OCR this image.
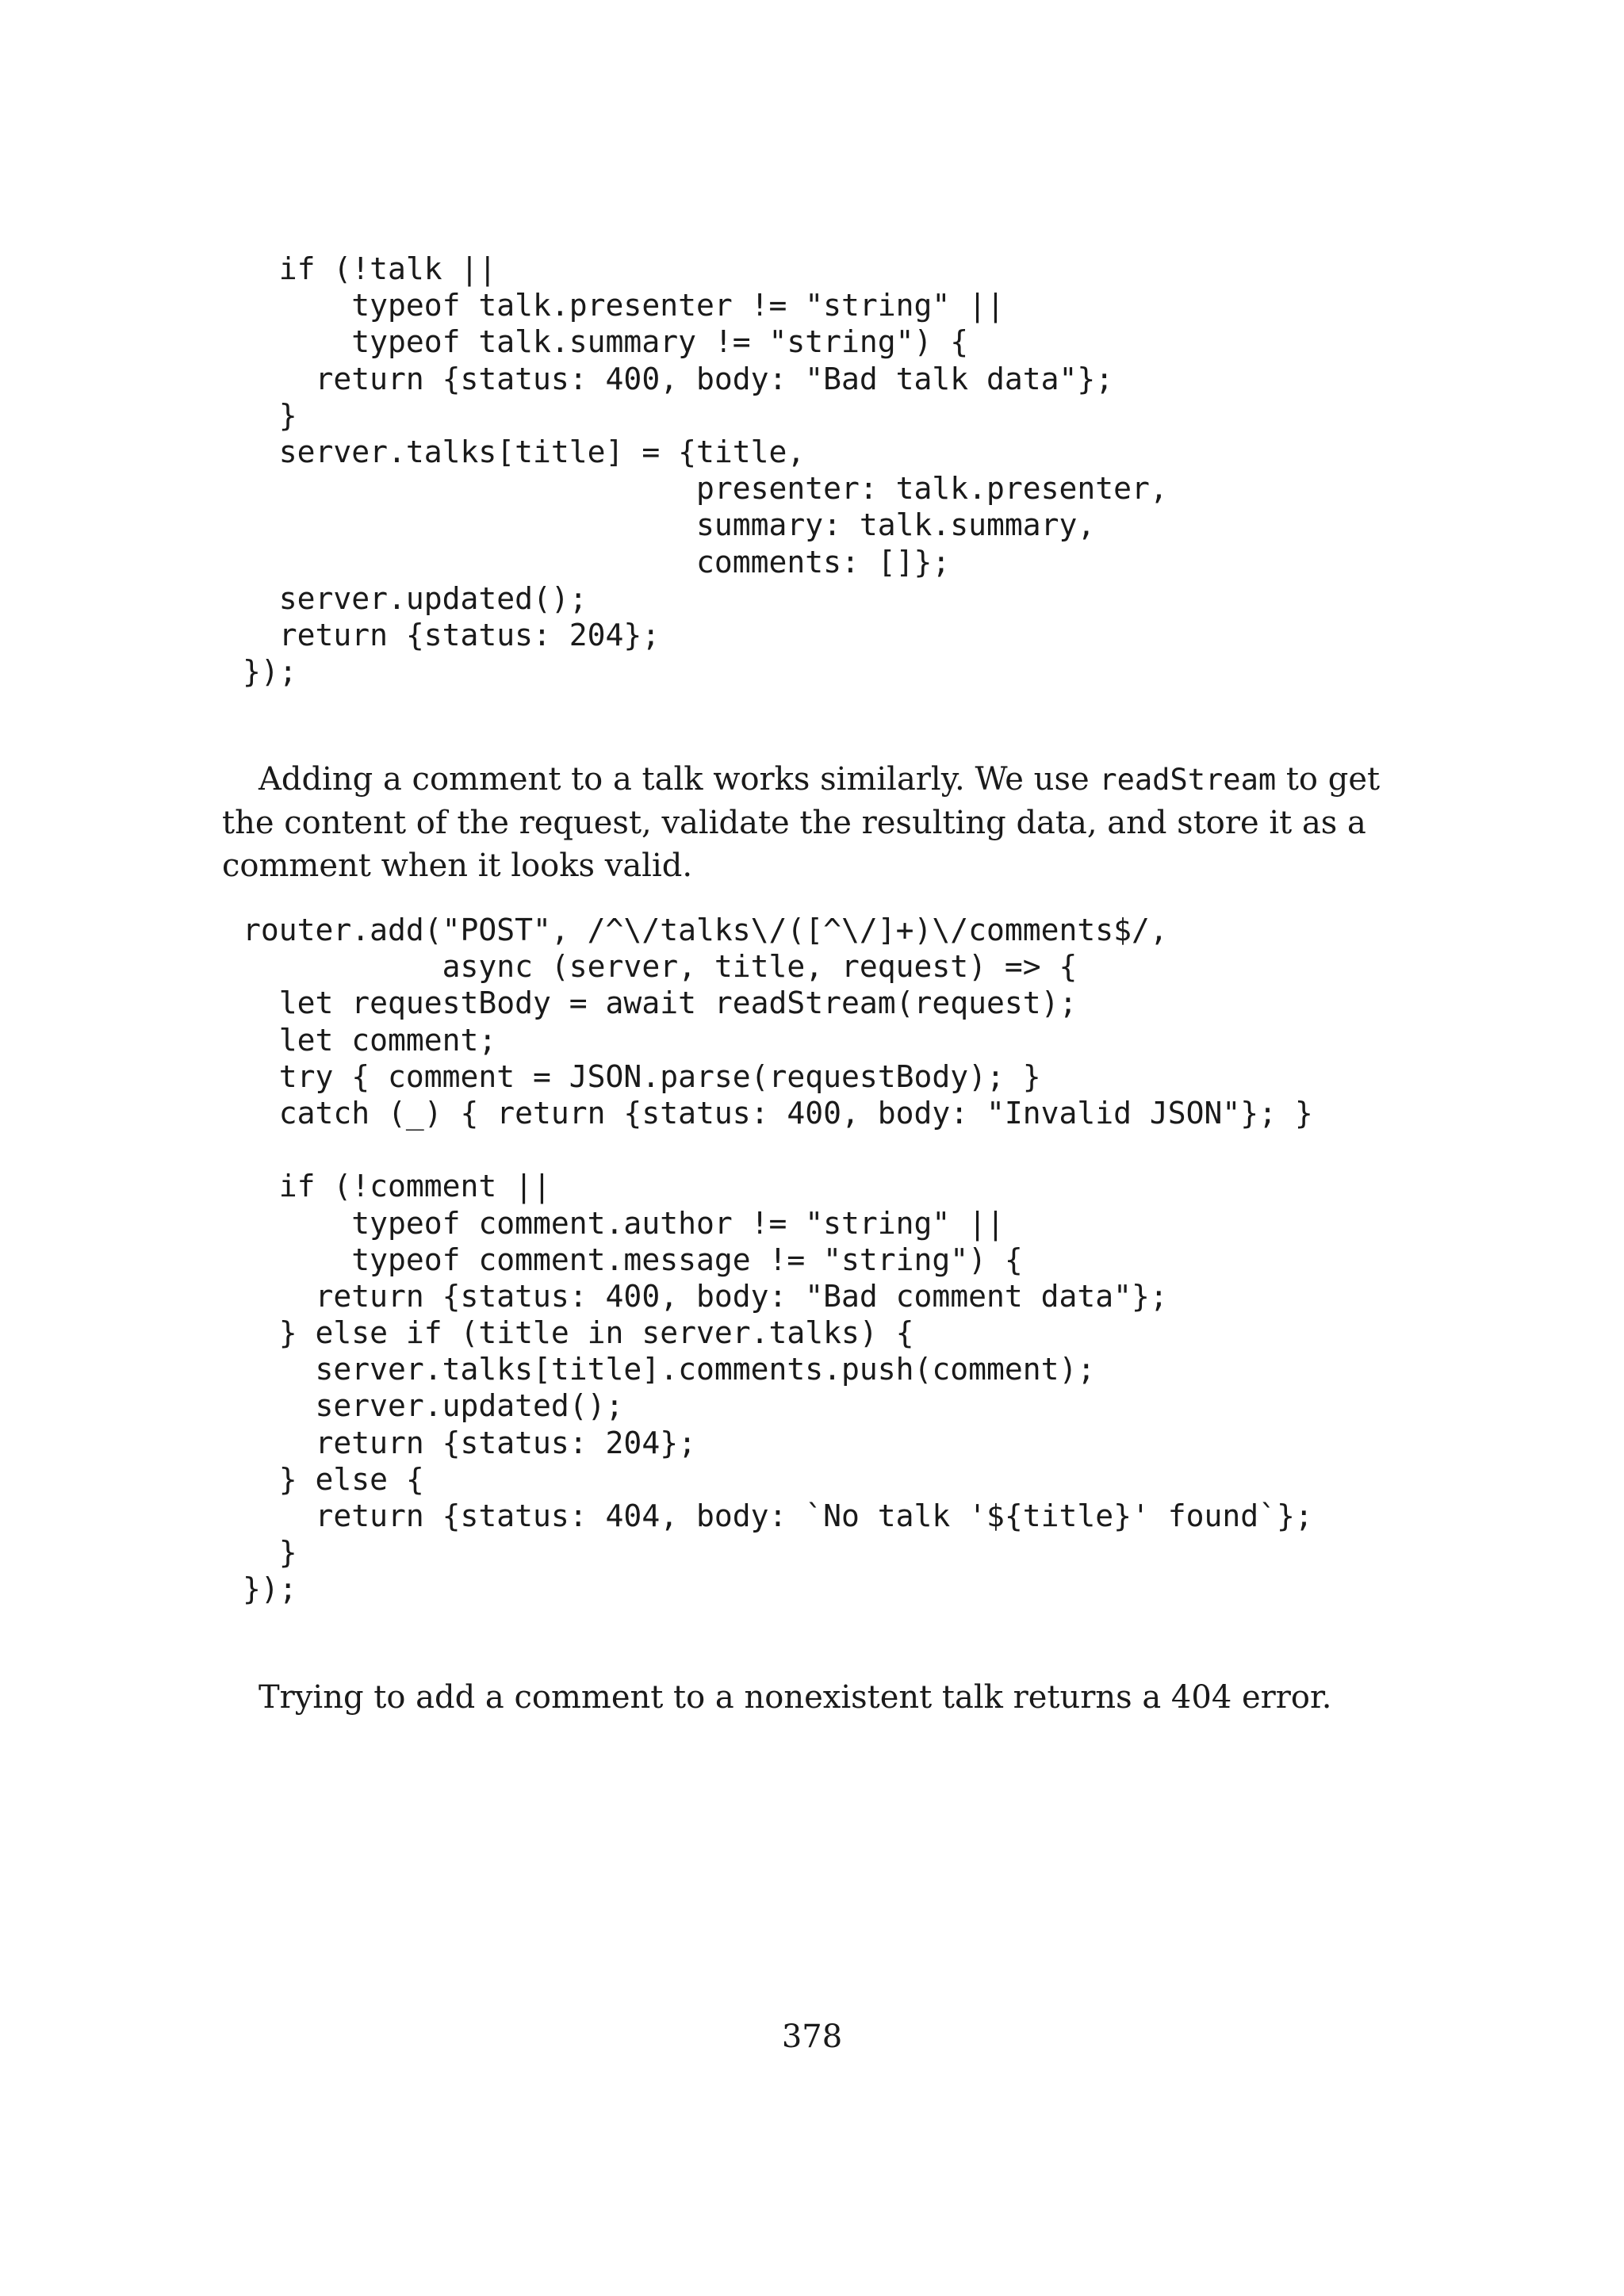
if (!talk ||
typeof talk.presenter != "string" ||
typeof talk.summary != "string") {
return {status: 400, body: "Bad talk data"};
}
server.talks[title] = {title,
presenter: talk.presenter,
summary: talk.summary,
comments: []};
server.updated();
return {status: 204};
});

Adding a comment to a talk works similarly. We use readStream to get the content of the request, validate the resulting data, and store it as a comment when it looks valid.

router.add("POST", /^\/talks\/([^\/]+)\/comments$/,
async (server, title, request) => {
let requestBody = await readStream(request);
let comment;
try { comment = JSON.parse(requestBody); }
catch (_) { return {status: 400, body: "Invalid JSON"}; }
if (!comment ||
typeof comment.author != "string" ||
typeof comment.message != "string") {
return {status: 400, body: "Bad comment data"};
} else if (title in server.talks) {
server.talks[title].comments.push(comment);
server.updated();
return {status: 204};
} else {
return {status: 404, body: `No talk '${title}' found`};
}
});

Trying to add a comment to a nonexistent talk returns a 404 error.

378
